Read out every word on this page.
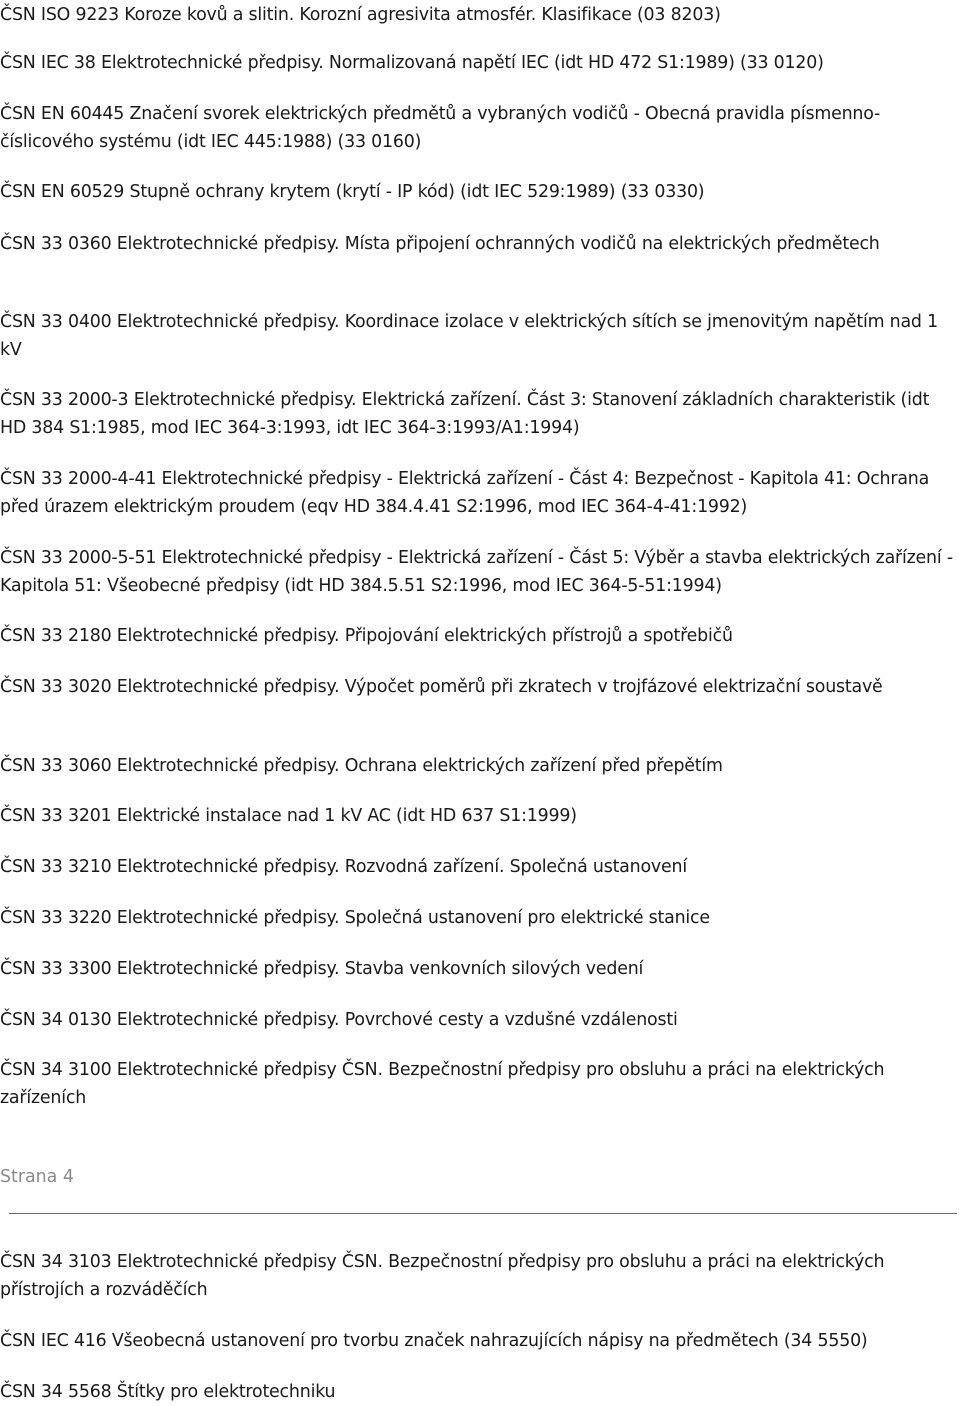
ČSN ISO 9223 Koroze kovů a slitin. Korozní agresivita atmosfér. Klasifikace (03 8203)

ČSN IEC 38 Elektrotechnické předpisy. Normalizovaná napětí IEC (idt HD 472 S1:1989) (33 0120)

ČSN EN 60445 Značení svorek elektrických předmětů a vybraných vodičů - Obecná pravidla písmenno-číslicového systému (idt IEC 445:1988) (33 0160)

ČSN EN 60529 Stupně ochrany krytem (krytí - IP kód) (idt IEC 529:1989) (33 0330)

ČSN 33 0360 Elektrotechnické předpisy. Místa připojení ochranných vodičů na elektrických předmětech

ČSN 33 0400 Elektrotechnické předpisy. Koordinace izolace v elektrických sítích se jmenovitým napětím nad 1 kV

ČSN 33 2000-3 Elektrotechnické předpisy. Elektrická zařízení. Část 3: Stanovení základních charakteristik (idt HD 384 S1:1985, mod IEC 364-3:1993, idt IEC 364-3:1993/A1:1994)

ČSN 33 2000-4-41 Elektrotechnické předpisy - Elektrická zařízení - Část 4: Bezpečnost - Kapitola 41: Ochrana před úrazem elektrickým proudem (eqv HD 384.4.41 S2:1996, mod IEC 364-4-41:1992)

ČSN 33 2000-5-51 Elektrotechnické předpisy - Elektrická zařízení - Část 5: Výběr a stavba elektrických zařízení - Kapitola 51: Všeobecné předpisy (idt HD 384.5.51 S2:1996, mod IEC 364-5-51:1994)

ČSN 33 2180 Elektrotechnické předpisy. Připojování elektrických přístrojů a spotřebičů

ČSN 33 3020 Elektrotechnické předpisy. Výpočet poměrů při zkratech v trojfázové elektrizační soustavě

ČSN 33 3060 Elektrotechnické předpisy. Ochrana elektrických zařízení před přepětím

ČSN 33 3201 Elektrické instalace nad 1 kV AC (idt HD 637 S1:1999)

ČSN 33 3210 Elektrotechnické předpisy. Rozvodná zařízení. Společná ustanovení

ČSN 33 3220 Elektrotechnické předpisy. Společná ustanovení pro elektrické stanice

ČSN 33 3300 Elektrotechnické předpisy. Stavba venkovních silových vedení

ČSN 34 0130 Elektrotechnické předpisy. Povrchové cesty a vzdušné vzdálenosti

ČSN 34 3100 Elektrotechnické předpisy ČSN. Bezpečnostní předpisy pro obsluhu a práci na elektrických zařízeních

Strana 4

ČSN 34 3103 Elektrotechnické předpisy ČSN. Bezpečnostní předpisy pro obsluhu a práci na elektrických přístrojích a rozváděčích

ČSN IEC 416 Všeobecná ustanovení pro tvorbu značek nahrazujících nápisy na předmětech (34 5550)

ČSN 34 5568 Štítky pro elektrotechniku
